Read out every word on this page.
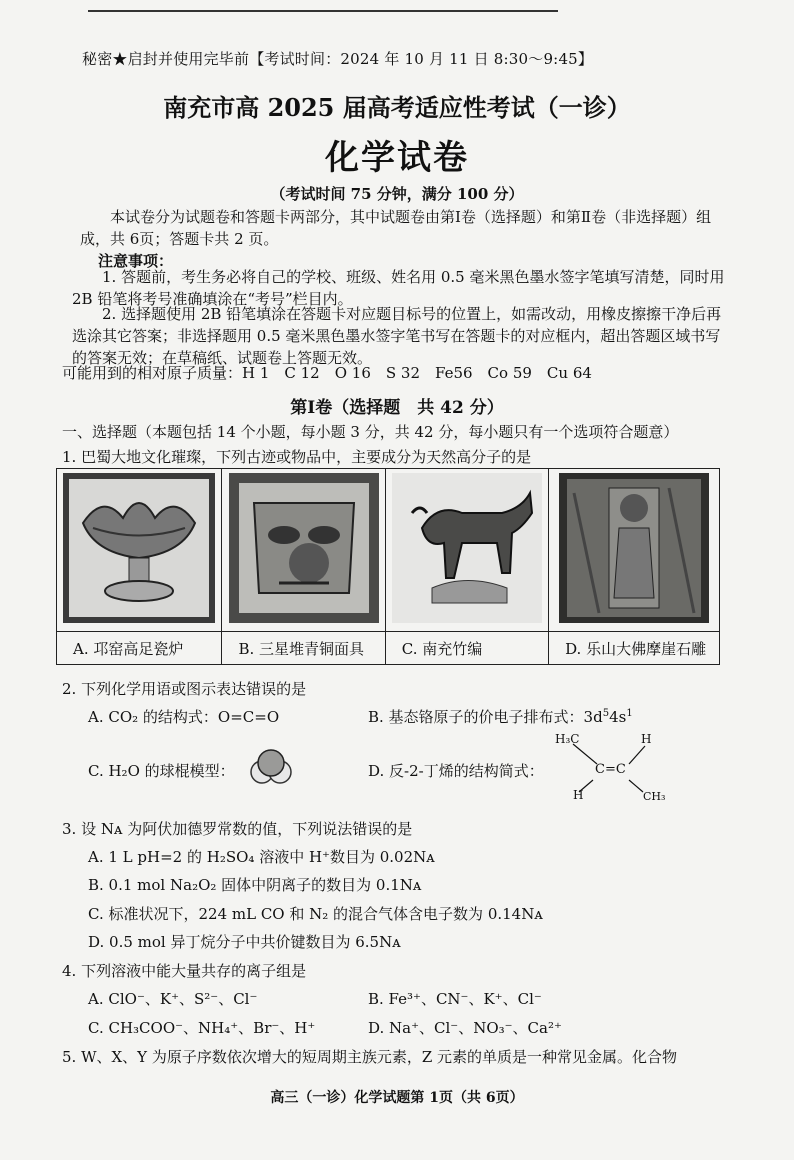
秘密★启封并使用完毕前【考试时间：2024 年 10 月 11 日 8:30～9:45】
南充市高 2025 届高考适应性考试（一诊）
化学试卷
（考试时间 75 分钟，满分 100 分）
本试卷分为试题卷和答题卡两部分，其中试题卷由第Ⅰ卷（选择题）和第Ⅱ卷（非选择题）组成，共 6页；答题卡共 2 页。
注意事项：
1. 答题前，考生务必将自己的学校、班级、姓名用 0.5 毫米黑色墨水签字笔填写清楚，同时用 2B 铅笔将考号准确填涂在“考号”栏目内。
2. 选择题使用 2B 铅笔填涂在答题卡对应题目标号的位置上，如需改动，用橡皮擦擦干净后再选涂其它答案；非选择题用 0.5 毫米黑色墨水签字笔书写在答题卡的对应框内，超出答题区域书写的答案无效；在草稿纸、试题卷上答题无效。
可能用到的相对原子质量：H 1　C 12　O 16　S 32　Fe56　Co 59　Cu 64
第Ⅰ卷（选择题　共 42 分）
一、选择题（本题包括 14 个小题，每小题 3 分，共 42 分，每小题只有一个选项符合题意）
1. 巴蜀大地文化璀璨，下列古迹或物品中，主要成分为天然高分子的是

A. 邛窑高足瓷炉	B. 三星堆青铜面具	C. 南充竹编	D. 乐山大佛摩崖石雕
2. 下列化学用语或图示表达错误的是
A. CO₂ 的结构式：O=C=O	B. 基态铬原子的价电子排布式：$3d^54s^1$
C. H₂O 的球棍模型：	D. 反-2-丁烯的结构简式：
H₃C	H
C=C
H	CH₃
3. 设 Nᴀ 为阿伏加德罗常数的值，下列说法错误的是
A. 1 L pH=2 的 H₂SO₄ 溶液中 H⁺数目为 0.02Nᴀ
B. 0.1 mol Na₂O₂ 固体中阴离子的数目为 0.1Nᴀ
C. 标准状况下，224 mL CO 和 N₂ 的混合气体含电子数为 0.14Nᴀ
D. 0.5 mol 异丁烷分子中共价键数目为 6.5Nᴀ
4. 下列溶液中能大量共存的离子组是
A. ClO⁻、K⁺、S²⁻、Cl⁻	B. Fe³⁺、CN⁻、K⁺、Cl⁻
C. CH₃COO⁻、NH₄⁺、Br⁻、H⁺	D. Na⁺、Cl⁻、NO₃⁻、Ca²⁺
5. W、X、Y 为原子序数依次增大的短周期主族元素，Z 元素的单质是一种常见金属。化合物
高三（一诊）化学试题第 1页（共 6页）
